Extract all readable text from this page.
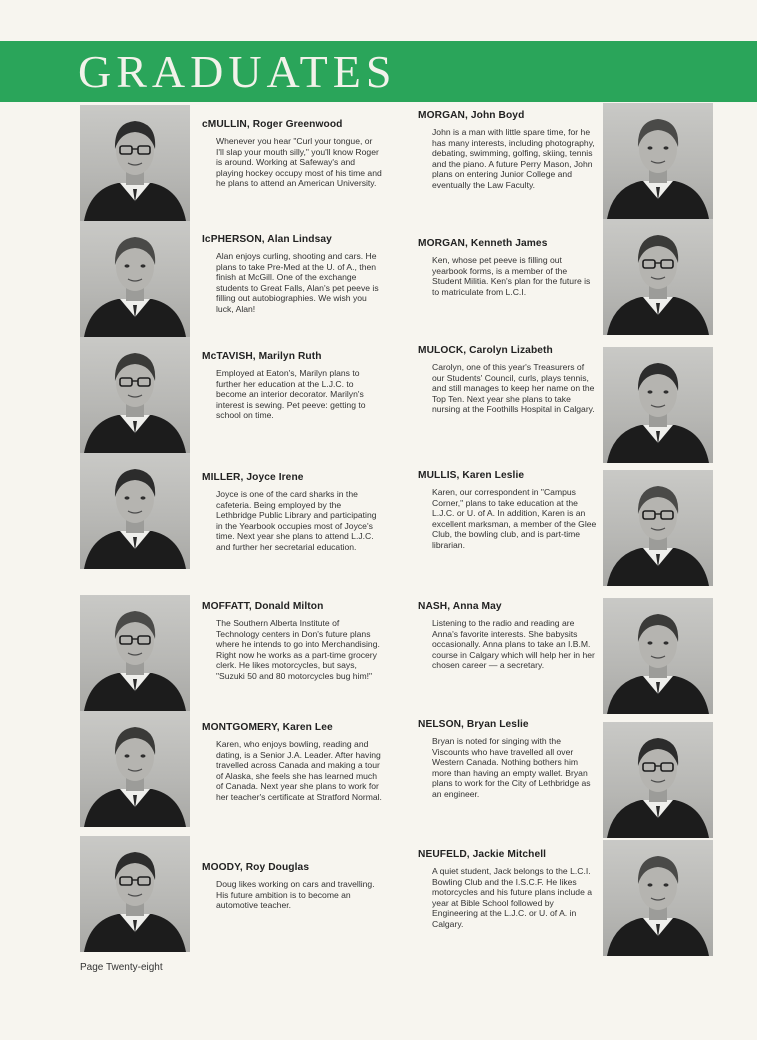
GRADUATES
cMULLIN, Roger Greenwood

Whenever you hear "Curl your tongue, or I'll slap your mouth silly," you'll know Roger is around. Working at Safeway's and playing hockey occupy most of his time and he plans to attend an American University.

IcPHERSON, Alan Lindsay

Alan enjoys curling, shooting and cars. He plans to take Pre-Med at the U. of A., then finish at McGill. One of the exchange students to Great Falls, Alan's pet peeve is filling out autobiographies. We wish you luck, Alan!

McTAVISH, Marilyn Ruth

Employed at Eaton's, Marilyn plans to further her education at the L.J.C. to become an interior decorator. Marilyn's interest is sewing. Pet peeve: getting to school on time.

MILLER, Joyce Irene

Joyce is one of the card sharks in the cafeteria. Being employed by the Lethbridge Public Library and participating in the Yearbook occupies most of Joyce's time. Next year she plans to attend L.J.C. and further her secretarial education.

MOFFATT, Donald Milton

The Southern Alberta Institute of Technology centers in Don's future plans where he intends to go into Merchandising. Right now he works as a part-time grocery clerk. He likes motorcycles, but says, "Suzuki 50 and 80 motorcycles bug him!"

MONTGOMERY, Karen Lee

Karen, who enjoys bowling, reading and dating, is a Senior J.A. Leader. After having travelled across Canada and making a tour of Alaska, she feels she has learned much of Canada. Next year she plans to work for her teacher's certificate at Stratford Normal.

MOODY, Roy Douglas

Doug likes working on cars and travelling. His future ambition is to become an automotive teacher.

MORGAN, John Boyd

John is a man with little spare time, for he has many interests, including photography, debating, swimming, golfing, skiing, tennis and the piano. A future Perry Mason, John plans on entering Junior College and eventually the Law Faculty.

MORGAN, Kenneth James

Ken, whose pet peeve is filling out yearbook forms, is a member of the Student Militia. Ken's plan for the future is to matriculate from L.C.I.

MULOCK, Carolyn Lizabeth

Carolyn, one of this year's Treasurers of our Students' Council, curls, plays tennis, and still manages to keep her name on the Top Ten. Next year she plans to take nursing at the Foothills Hospital in Calgary.

MULLIS, Karen Leslie

Karen, our correspondent in "Campus Corner," plans to take education at the L.J.C. or U. of A. In addition, Karen is an excellent marksman, a member of the Glee Club, the bowling club, and is part-time librarian.

NASH, Anna May

Listening to the radio and reading are Anna's favorite interests. She babysits occasionally. Anna plans to take an I.B.M. course in Calgary which will help her in her chosen career — a secretary.

NELSON, Bryan Leslie

Bryan is noted for singing with the Viscounts who have travelled all over Western Canada. Nothing bothers him more than having an empty wallet. Bryan plans to work for the City of Lethbridge as an engineer.

NEUFELD, Jackie Mitchell

A quiet student, Jack belongs to the L.C.I. Bowling Club and the I.S.C.F. He likes motorcycles and his future plans include a year at Bible School followed by Engineering at the L.J.C. or U. of A. in Calgary.

Page Twenty-eight
